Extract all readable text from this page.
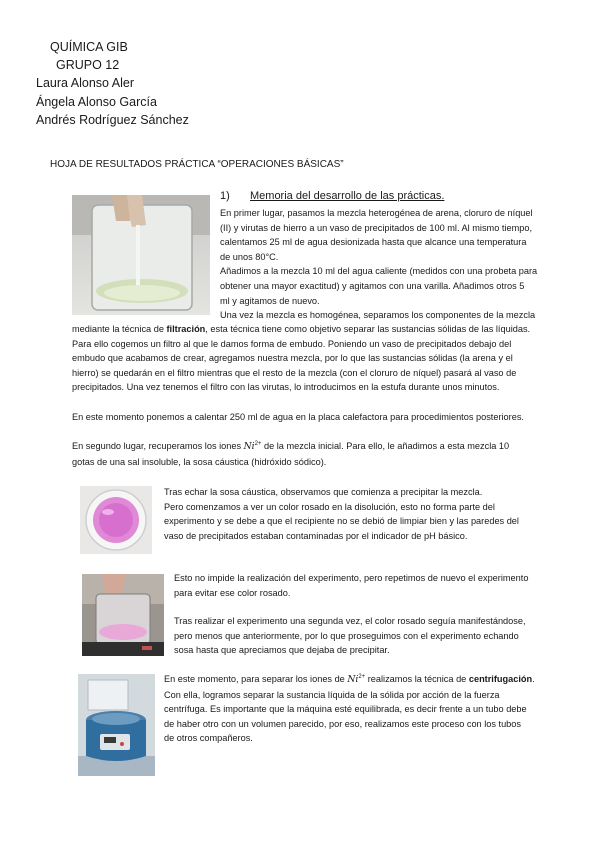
QUÍMICA GIB
GRUPO 12
Laura Alonso Aler
Ángela Alonso García
Andrés Rodríguez Sánchez
HOJA DE RESULTADOS PRÁCTICA “OPERACIONES BÁSICAS”
1) Memoria del desarrollo de las prácticas.
En primer lugar, pasamos la mezcla heterogénea de arena, cloruro de níquel
(II) y virutas de hierro a un vaso de precipitados de 100 ml. Al mismo tiempo,
calentamos 25 ml de agua desionizada hasta que alcance una temperatura
de unos 80°C.
Añadimos a la mezcla 10 ml del agua caliente (medidos con una probeta para
obtener una mayor exactitud) y agitamos con una varilla. Añadimos otros 5
ml y agitamos de nuevo.
Una vez la mezcla es homogénea, separamos los componentes de la mezcla
mediante la técnica de filtración, esta técnica tiene como objetivo separar las sustancias sólidas de las líquidas.
Para ello cogemos un filtro al que le damos forma de embudo. Poniendo un vaso de precipitados debajo del
embudo que acabamos de crear, agregamos nuestra mezcla, por lo que las sustancias sólidas (la arena y el
hierro) se quedarán en el filtro mientras que el resto de la mezcla (con el cloruro de níquel) pasará al vaso de
precipitados. Una vez tenemos el filtro con las virutas, lo introducimos en la estufa durante unos minutos.
En este momento ponemos a calentar 250 ml de agua en la placa calefactora para procedimientos posteriores.
En segundo lugar, recuperamos los iones $Ni^{2+}$ de la mezcla inicial. Para ello, le añadimos a esta mezcla 10
gotas de una sal insoluble, la sosa cáustica (hidróxido sódico).
Tras echar la sosa cáustica, observamos que comienza a precipitar la mezcla.
Pero comenzamos a ver un color rosado en la disolución, esto no forma parte del
experimento y se debe a que el recipiente no se debió de limpiar bien y las paredes del
vaso de precipitados estaban contaminadas por el indicador de pH básico.
Esto no impide la realización del experimento, pero repetimos de nuevo el experimento
para evitar ese color rosado.
Tras realizar el experimento una segunda vez, el color rosado seguía manifestándose,
pero menos que anteriormente, por lo que proseguimos con el experimento echando
sosa hasta que apreciamos que dejaba de precipitar.
En este momento, para separar los iones de $Ni^{2+}$ realizamos la técnica de centrifugación.
Con ella, logramos separar la sustancia líquida de la sólida por acción de la fuerza
centrífuga. Es importante que la máquina esté equilibrada, es decir frente a un tubo debe
de haber otro con un volumen parecido, por eso, realizamos este proceso con los tubos
de otros compañeros.
